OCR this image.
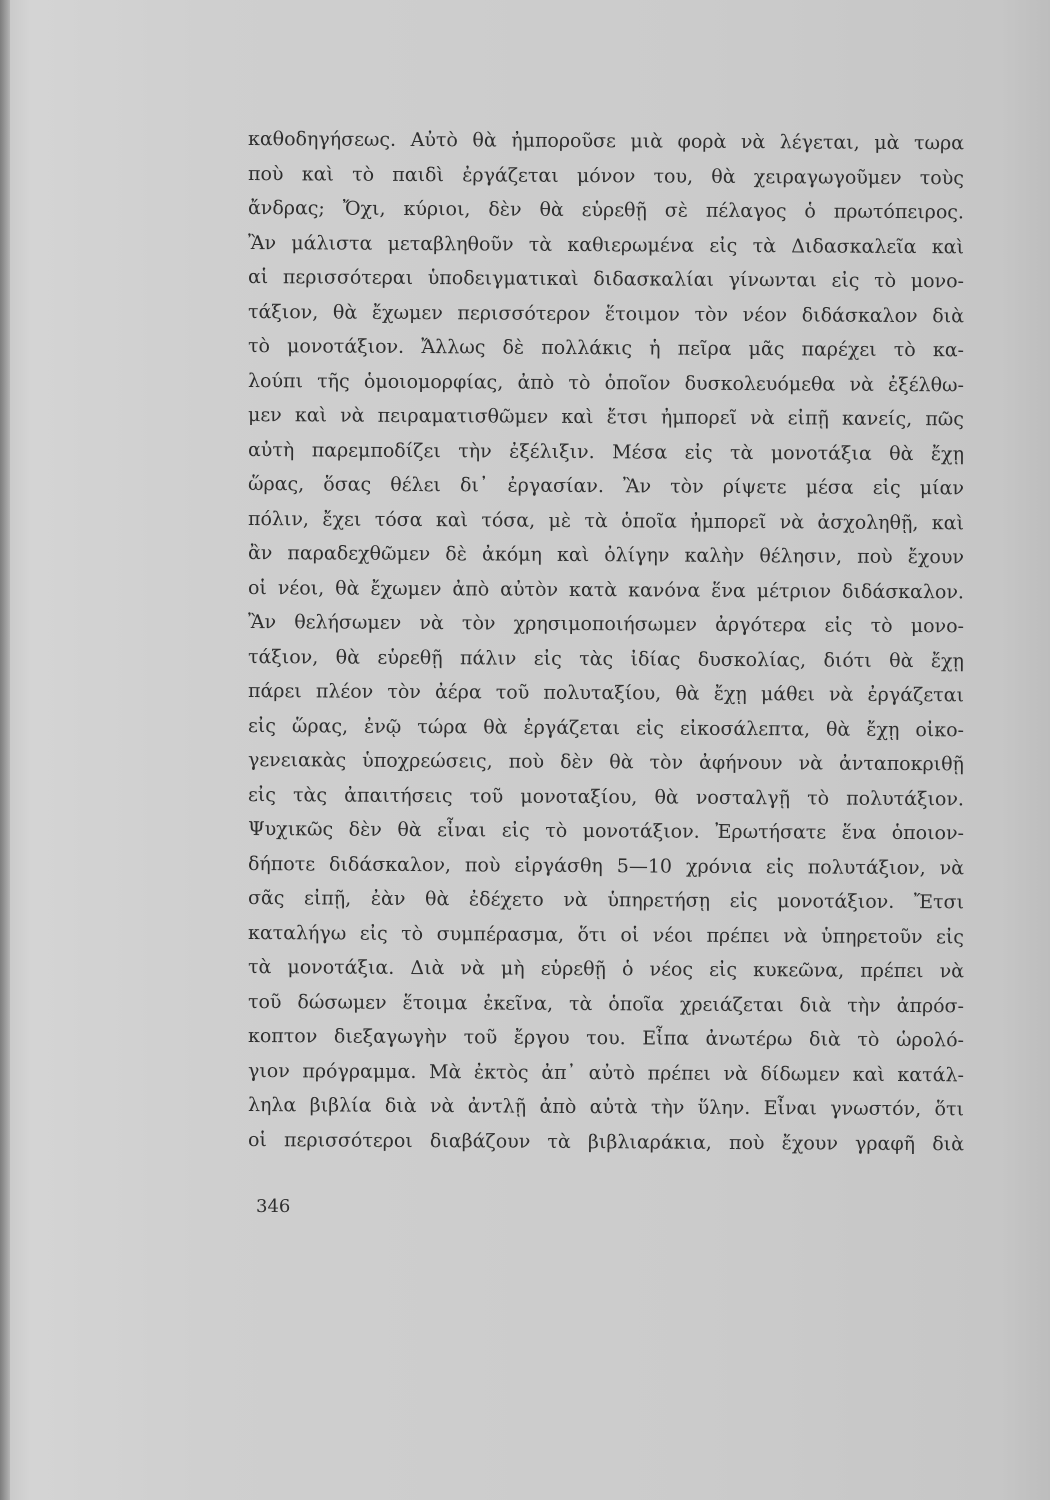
καθοδηγήσεως. Αὐτὸ θὰ ἠμποροῦσε μιὰ φορὰ νὰ λέγεται, μὰ τωρα
ποὺ καὶ τὸ παιδὶ ἐργάζεται μόνον του, θὰ χειραγωγοῦμεν τοὺς
ἄνδρας; Ὄχι, κύριοι, δὲν θὰ εὑρεθῇ σὲ πέλαγος ὁ πρωτόπειρος.
Ἂν μάλιστα μεταβληθοῦν τὰ καθιερωμένα εἰς τὰ Διδασκαλεῖα καὶ
αἱ περισσότεραι ὑποδειγματικαὶ διδασκαλίαι γίνωνται εἰς τὸ μονο-
τάξιον, θὰ ἔχωμεν περισσότερον ἕτοιμον τὸν νέον διδάσκαλον διὰ
τὸ μονοτάξιον. Ἄλλως δὲ πολλάκις ἡ πεῖρα μᾶς παρέχει τὸ κα-
λούπι τῆς ὁμοιομορφίας, ἀπὸ τὸ ὁποῖον δυσκολευόμεθα νὰ ἐξέλθω-
μεν καὶ νὰ πειραματισθῶμεν καὶ ἔτσι ἠμπορεῖ νὰ εἰπῇ κανείς, πῶς
αὐτὴ παρεμποδίζει τὴν ἐξέλιξιν. Μέσα εἰς τὰ μονοτάξια θὰ ἔχῃ
ὥρας, ὅσας θέλει δι᾽ ἐργασίαν. Ἂν τὸν ρίψετε μέσα εἰς μίαν
πόλιν, ἔχει τόσα καὶ τόσα, μὲ τὰ ὁποῖα ἠμπορεῖ νὰ ἀσχοληθῇ, καὶ
ἂν παραδεχθῶμεν δὲ ἀκόμη καὶ ὀλίγην καλὴν θέλησιν, ποὺ ἔχουν
οἱ νέοι, θὰ ἔχωμεν ἀπὸ αὐτὸν κατὰ κανόνα ἕνα μέτριον διδάσκαλον.
Ἂν θελήσωμεν νὰ τὸν χρησιμοποιήσωμεν ἀργότερα εἰς τὸ μονο-
τάξιον, θὰ εὑρεθῇ πάλιν εἰς τὰς ἰδίας δυσκολίας, διότι θὰ ἔχῃ
πάρει πλέον τὸν ἀέρα τοῦ πολυταξίου, θὰ ἔχῃ μάθει νὰ ἐργάζεται
εἰς ὥρας, ἐνῷ τώρα θὰ ἐργάζεται εἰς εἰκοσάλεπτα, θὰ ἔχῃ οἰκο-
γενειακὰς ὑποχρεώσεις, ποὺ δὲν θὰ τὸν ἀφήνουν νὰ ἀνταποκριθῇ
εἰς τὰς ἀπαιτήσεις τοῦ μονοταξίου, θὰ νοσταλγῇ τὸ πολυτάξιον.
Ψυχικῶς δὲν θὰ εἶναι εἰς τὸ μονοτάξιον. Ἐρωτήσατε ἕνα ὁποιον-
δήποτε διδάσκαλον, ποὺ εἰργάσθη 5—10 χρόνια εἰς πολυτάξιον, νὰ
σᾶς εἰπῇ, ἐὰν θὰ ἐδέχετο νὰ ὑπηρετήσῃ εἰς μονοτάξιον. Ἔτσι
καταλήγω εἰς τὸ συμπέρασμα, ὅτι οἱ νέοι πρέπει νὰ ὑπηρετοῦν εἰς
τὰ μονοτάξια. Διὰ νὰ μὴ εὑρεθῇ ὁ νέος εἰς κυκεῶνα, πρέπει νὰ
τοῦ δώσωμεν ἕτοιμα ἐκεῖνα, τὰ ὁποῖα χρειάζεται διὰ τὴν ἀπρόσ-
κοπτον διεξαγωγὴν τοῦ ἔργου του. Εἶπα ἀνωτέρω διὰ τὸ ὡρολό-
γιον πρόγραμμα. Μὰ ἐκτὸς ἀπ᾽ αὐτὸ πρέπει νὰ δίδωμεν καὶ κατάλ-
ληλα βιβλία διὰ νὰ ἀντλῇ ἀπὸ αὐτὰ τὴν ὕλην. Εἶναι γνωστόν, ὅτι
οἱ περισσότεροι διαβάζουν τὰ βιβλιαράκια, ποὺ ἔχουν γραφῆ διὰ
346
